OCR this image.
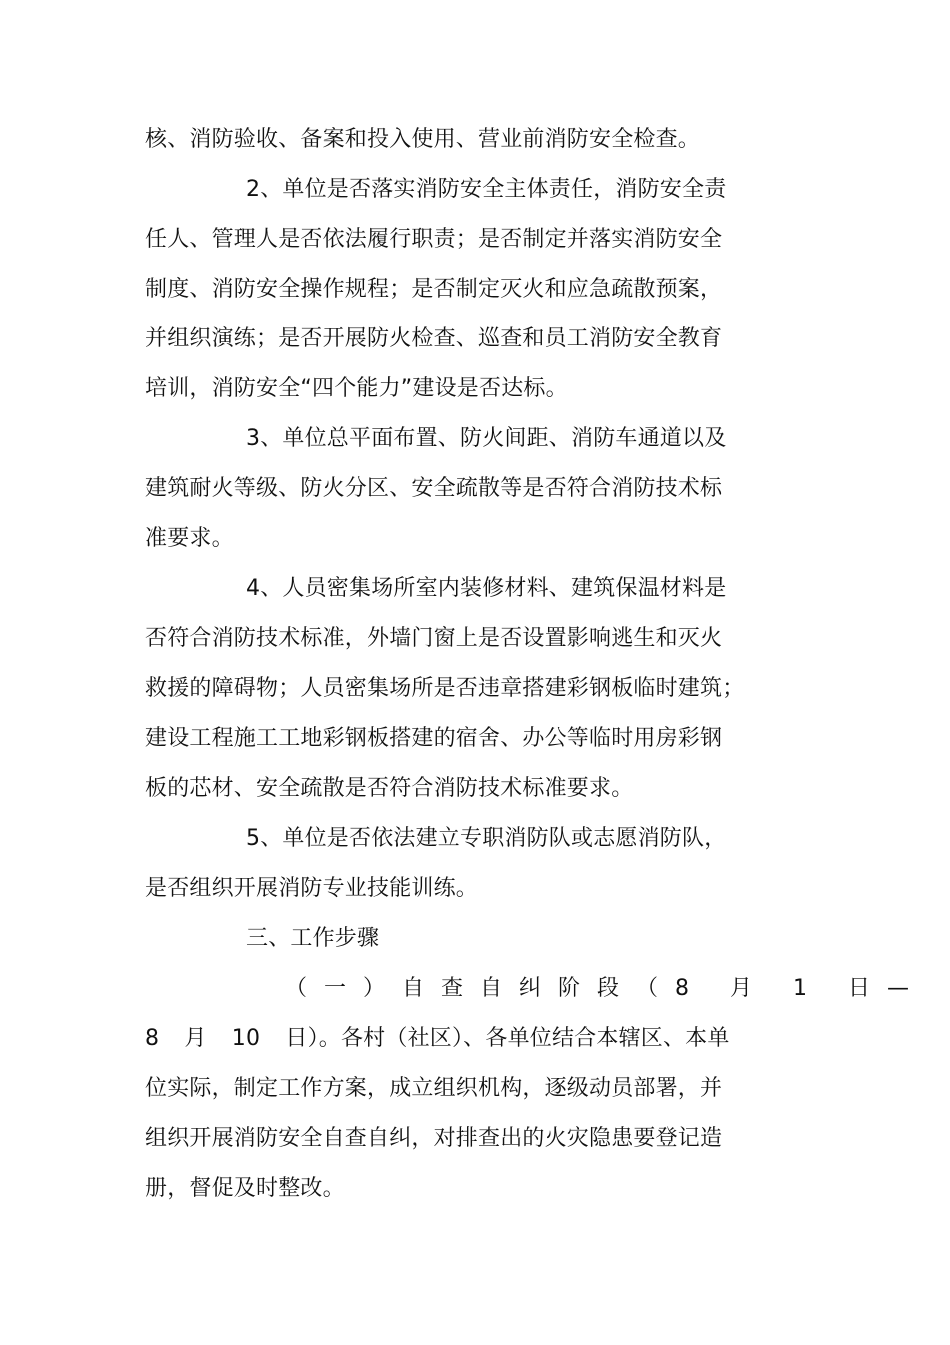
核、消防验收、备案和投入使用、营业前消防安全检查。
2、单位是否落实消防安全主体责任，消防安全责
任人、管理人是否依法履行职责；是否制定并落实消防安全
制度、消防安全操作规程；是否制定灭火和应急疏散预案，
并组织演练；是否开展防火检查、巡查和员工消防安全教育
培训，消防安全“四个能力”建设是否达标。
3、单位总平面布置、防火间距、消防车通道以及
建筑耐火等级、防火分区、安全疏散等是否符合消防技术标
准要求。
4、人员密集场所室内装修材料、建筑保温材料是
否符合消防技术标准，外墙门窗上是否设置影响逃生和灭火
救援的障碍物；人员密集场所是否违章搭建彩钢板临时建筑；
建设工程施工工地彩钢板搭建的宿舍、办公等临时用房彩钢
板的芯材、安全疏散是否符合消防技术标准要求。
5、单位是否依法建立专职消防队或志愿消防队，
是否组织开展消防专业技能训练。
三、工作步骤
（一）自查自纠阶段（8 月 1 日—
8 月 10 日）。各村（社区）、各单位结合本辖区、本单
位实际，制定工作方案，成立组织机构，逐级动员部署，并
组织开展消防安全自查自纠，对排查出的火灾隐患要登记造
册，督促及时整改。
